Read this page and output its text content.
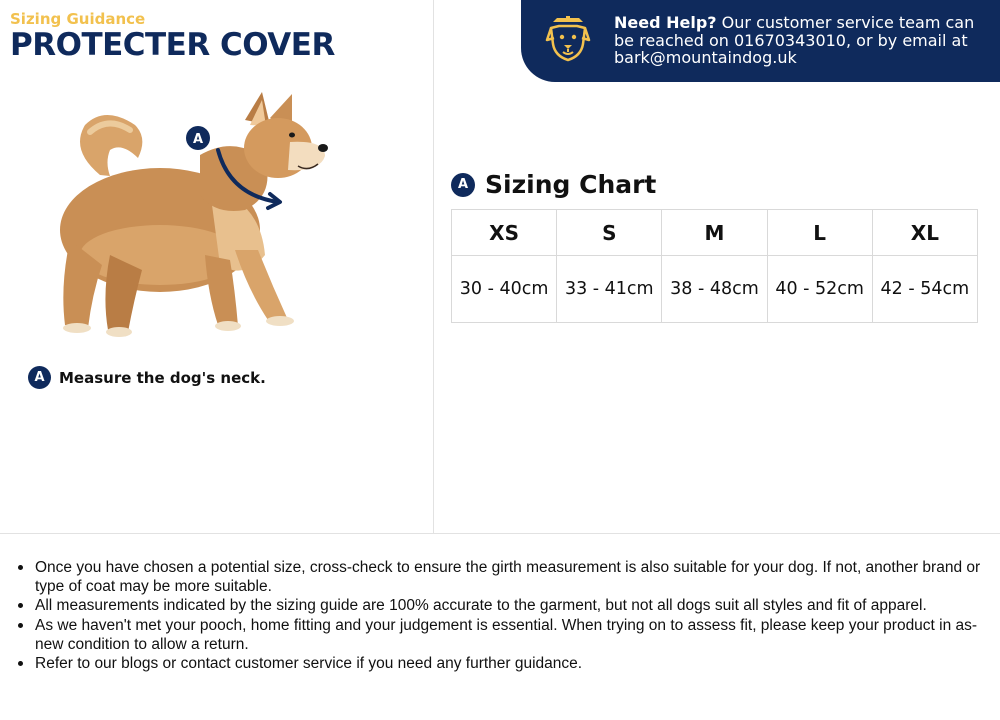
Sizing Guidance
PROTECTER COVER
Need Help? Our customer service team can be reached on 01670343010, or by email at bark@mountaindog.uk
A
A Measure the dog's neck.
A Sizing Chart
XS	S	M	L	XL
30 - 40cm	33 - 41cm	38 - 48cm	40 - 52cm	42 - 54cm
Once you have chosen a potential size, cross-check to ensure the girth measurement is also suitable for your dog. If not, another brand or type of coat may be more suitable.
All measurements indicated by the sizing guide are 100% accurate to the garment, but not all dogs suit all styles and fit of apparel.
As we haven't met your pooch, home fitting and your judgement is essential. When trying on to assess fit, please keep your product in as-new condition to allow a return.
Refer to our blogs or contact customer service if you need any further guidance.
